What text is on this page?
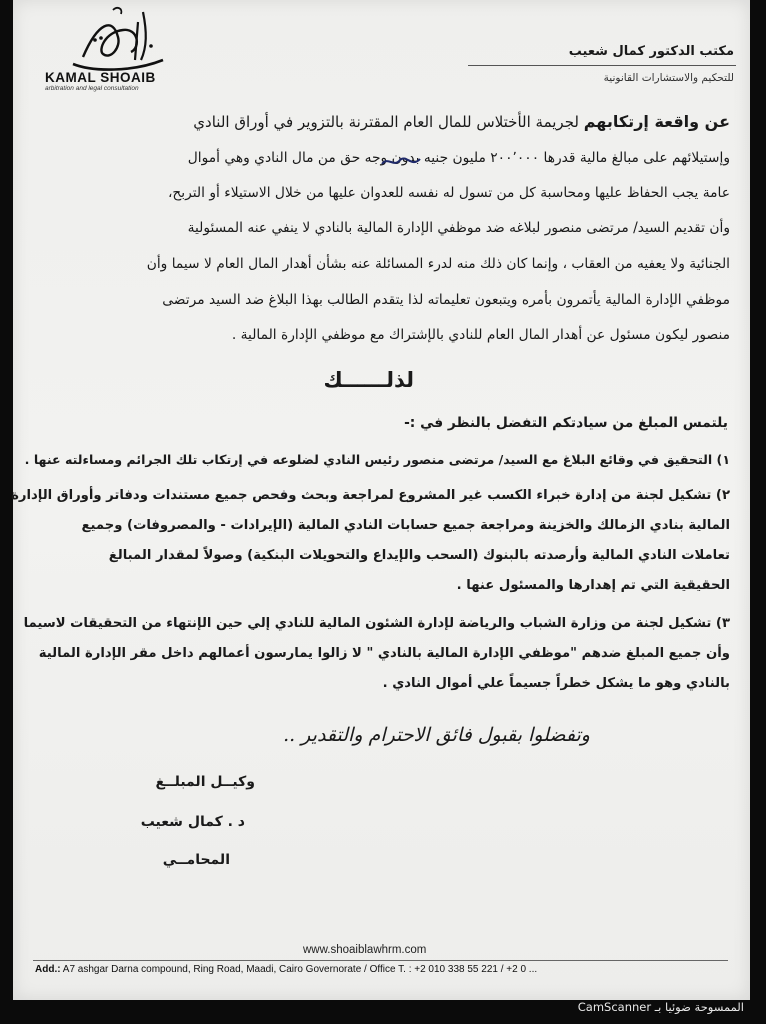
KAMAL SHOAIB
arbitration and legal consultation
مكتب الدكتور كمال شعيب
للتحكيم والاستشارات القانونية
عن واقعة إرتكابهم لجريمة الأختلاس للمال العام المقترنة بالتزوير في أوراق النادي
وإستيلائهم على مبالغ مالية قدرها ٢٠٠٬٠٠٠ مليون جنيه بدون وجه حق من مال النادي وهي أموال
عامة يجب الحفاظ عليها ومحاسبة كل من تسول له نفسه للعدوان عليها من خلال الاستيلاء أو التربح،
وأن تقديم السيد/ مرتضى منصور لبلاغه ضد موظفي الإدارة المالية بالنادي لا ينفي عنه المسئولية
الجنائية ولا يعفيه من العقاب ، وإنما كان ذلك منه لدرء المسائلة عنه بشأن أهدار المال العام لا سيما وأن
موظفي الإدارة المالية يأتمرون بأمره ويتبعون تعليماته لذا يتقدم الطالب بهذا البلاغ ضد السيد مرتضى
منصور ليكون مسئول عن أهدار المال العام للنادي بالإشتراك مع موظفي الإدارة المالية .
لذلــــــك
يلتمس المبلغ من سيادتكم التفضل بالنظر في :-
١) التحقيق في وقائع البلاغ مع السيد/ مرتضى منصور رئيس النادي لضلوعه في إرتكاب تلك الجرائم ومساءلته عنها .
٢) تشكيل لجنة من إدارة خبراء الكسب غير المشروع لمراجعة وبحث وفحص جميع مستندات ودفاتر وأوراق الإدارة
المالية بنادي الزمالك والخزينة ومراجعة جميع حسابات النادي المالية (الإيرادات - والمصروفات) وجميع
تعاملات النادي المالية وأرصدته بالبنوك (السحب والإيداع والتحويلات البنكية) وصولاً لمقدار المبالغ
الحقيقية التي تم إهدارها والمسئول عنها .
٣) تشكيل لجنة من وزارة الشباب والرياضة لإدارة الشئون المالية للنادي إلي حين الإنتهاء من التحقيقات لاسيما
وأن جميع المبلغ ضدهم "موظفي الإدارة المالية بالنادي " لا زالوا يمارسون أعمالهم داخل مقر الإدارة المالية
بالنادي وهو ما يشكل خطراً جسيماً علي أموال النادي .
وتفضلوا بقبول فائق الاحترام والتقدير ..
وكيــل المبلــغ
د . كمال شعيب
المحامــي
www.shoaiblawhrm.com
Add.: A7 ashgar Darna compound, Ring Road, Maadi, Cairo Governorate / Office T. : +2 010 338 55 221 / +2 0 ...
الممسوحة ضوئيا بـ CamScanner
